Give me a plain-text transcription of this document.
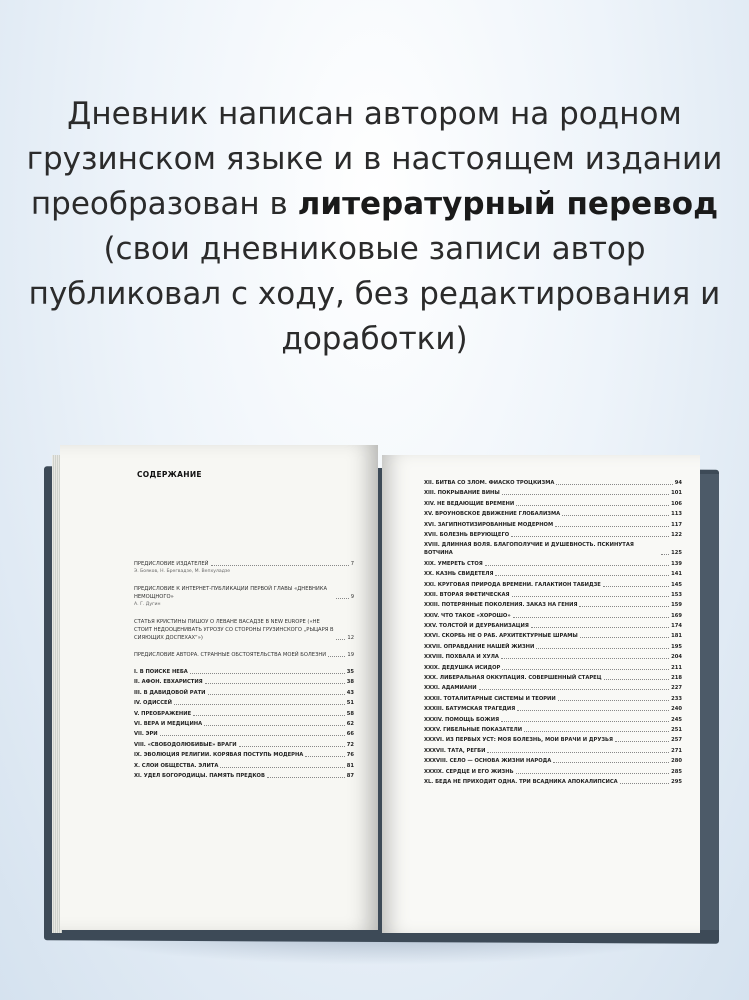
Дневник написан автором на родном грузинском языке и в настоящем издании преобразован в литературный перевод (свои дневниковые записи автор публиковал с ходу, без редактирования и доработки)
СОДЕРЖАНИЕ
ПРЕДИСЛОВИЕ ИЗДАТЕЛЕЙ	7
Э. Бояков, Н. Брегвадзе, М. Вепхуладзе
ПРЕДИСЛОВИЕ К ИНТЕРНЕТ-ПУБЛИКАЦИИ ПЕРВОЙ ГЛАВЫ «ДНЕВНИКА НЕМОЩНОГО»	9
А. Г. Дугин
СТАТЬЯ КРИСТИНЫ ПИШОУ О ЛЕВАНЕ ВАСАДЗЕ В NEW EUROPE («НЕ СТОИТ НЕДООЦЕНИВАТЬ УГРОЗУ СО СТОРОНЫ ГРУЗИНСКОГО „РЫЦАРЯ В СИЯЮЩИХ ДОСПЕХАХ“»)	12
ПРЕДИСЛОВИЕ АВТОРА. СТРАННЫЕ ОБСТОЯТЕЛЬСТВА МОЕЙ БОЛЕЗНИ	19
I. В ПОИСКЕ НЕБА	35
II. АФОН. ЕВХАРИСТИЯ	38
III. В ДАВИДОВОЙ РАТИ	43
IV. ОДИССЕЙ	51
V. ПРЕОБРАЖЕНИЕ	58
VI. ВЕРА И МЕДИЦИНА	62
VII. ЭРИ	66
VIII. «СВОБОДОЛЮБИВЫЕ» ВРАГИ	72
IX. ЭВОЛЮЦИЯ РЕЛИГИИ. КОРЯВАЯ ПОСТУПЬ МОДЕРНА	76
X. СЛОИ ОБЩЕСТВА. ЭЛИТА	81
XI. УДЕЛ БОГОРОДИЦЫ. ПАМЯТЬ ПРЕДКОВ	87
XII. БИТВА СО ЗЛОМ. ФИАСКО ТРОЦКИЗМА	94
XIII. ПОКРЫВАНИЕ ВИНЫ	101
XIV. НЕ ВЕДАЮЩИЕ ВРЕМЕНИ	106
XV. ВРОУНОВСКОЕ ДВИЖЕНИЕ ГЛОБАЛИЗМА	113
XVI. ЗАГИПНОТИЗИРОВАННЫЕ МОДЕРНОМ	117
XVII. БОЛЕЗНЬ ВЕРУЮЩЕГО	122
XVIII. ДЛИННАЯ ВОЛЯ. БЛАГОПОЛУЧИЕ И ДУШЕВНОСТЬ. ПСКИНУТАЯ ВОТЧИНА	125
XIX. УМЕРЕТЬ СТОЯ	139
XX. КАЗНЬ СВИДЕТЕЛЯ	141
XXI. КРУГОВАЯ ПРИРОДА ВРЕМЕНИ. ГАЛАКТИОН ТАБИДЗЕ	145
XXII. ВТОРАЯ ЯФЕТИЧЕСКАЯ	153
XXIII. ПОТЕРЯННЫЕ ПОКОЛЕНИЯ. ЗАКАЗ НА ГЕНИЯ	159
XXIV. ЧТО ТАКОЕ «ХОРОШО»	169
XXV. ТОЛСТОЙ И ДЕУРБАНИЗАЦИЯ	174
XXVI. СКОРБЬ НЕ О РАБ. АРХИТЕКТУРНЫЕ ШРАМЫ	181
XXVII. ОПРАВДАНИЕ НАШЕЙ ЖИЗНИ	195
XXVIII. ПОХВАЛА И ХУЛА	204
XXIX. ДЕДУШКА ИСИДОР	211
XXX. ЛИБЕРАЛЬНАЯ ОККУПАЦИЯ. СОВЕРШЕННЫЙ СТАРЕЦ	218
XXXI. АДАМИАНИ	227
XXXII. ТОТАЛИТАРНЫЕ СИСТЕМЫ И ТЕОРИИ	233
XXXIII. БАТУМСКАЯ ТРАГЕДИЯ	240
XXXIV. ПОМОЩЬ БОЖИЯ	245
XXXV. ГИБЕЛЬНЫЕ ПОКАЗАТЕЛИ	251
XXXVI. ИЗ ПЕРВЫХ УСТ: МОЯ БОЛЕЗНЬ, МОИ ВРАЧИ И ДРУЗЬЯ	257
XXXVII. ТАТА, РЕГБИ	271
XXXVIII. СЕЛО — ОСНОВА ЖИЗНИ НАРОДА	280
XXXIX. СЕРДЦЕ И ЕГО ЖИЗНЬ	285
XL. БЕДА НЕ ПРИХОДИТ ОДНА. ТРИ ВСАДНИКА АПОКАЛИПСИСА	295
